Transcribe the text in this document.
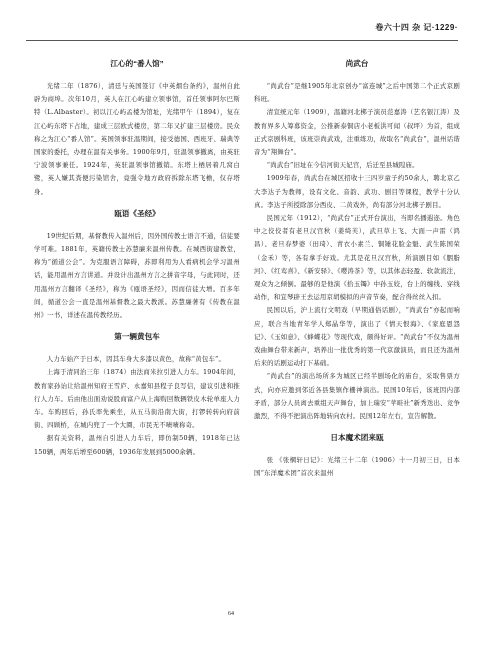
卷六十四 杂 记·1229·
江心的“番人馆”

光绪二年（1876），清廷与英国签订《中英烟台条约》，温州自此辟为商埠。次年10月，英人在江心屿建立领事馆，首任领事阿尔巴斯特（L.Albaster）。初以江心屿孟楼为馆址，光绪甲午（1894），复在江心屿东塔下占地，建成三层欧式楼房，第二年又扩建三层楼房。民众称之为江心“番人馆”。英国领事驻温期间，接受德国、西班牙、瑞典等国家的委托，办理在温有关事务。1900年9月，驻温领事撤离，由英驻宁波领事兼任。1924年，英驻温领事馆撤销。东塔上栖居着几窝白鹭，英人嫌其粪便污染馆舍，竟强令地方政府拆除东塔飞檐，仅存塔身。

瓯语《圣经》

19世纪后期，基督教传入温州后，因外国传教士语言不通，信徒要学可难。1881年，英籍传教士苏慧廉来温州传教。在城西街建教堂，称为“循道公会”。为克服语言障碍，苏即利用为人看病机会学习温州话，能用温州方言讲道。并设计出温州方言之拼音字母，与此同时，还用温州方言翻译《圣经》，称为《瓯语圣经》，因而信徒大增。百多年间，循道公会一直是温州基督教之最大教派。苏慧廉著有《传教在温州》一书，详述在温传教经历。

第一辆黄包车

人力车始产于日本，因其车身大多漆以黄色，故称“黄包车”。

上海于清同治三年（1874）由法商米拉引进人力车。1904年间，教育家孙诒让给温州知府王雪庐、永嘉知县程子良写信，建议引进和推行人力车。后由他出面劝说股商富户从上海购回数辆铁皮木轮单座人力车。车购回后，孙氏率先乘坐，从五马街沿南大街，打锣转转向府前街、四顾桥，在城内兜了一个大圈，市民无不啧啧称奇。

据有关资料，温州自引进人力车后，即仿制50辆，1918年已达150辆，两年后增至600辆，1936年发展到5000余辆。

尚武台

“尚武台”是继1905年北京创办“富连城”之后中国第二个正式京剧科班。

清宣统元年（1909），温籍河北梆子演员范嘉涛（艺名银江涛）及教育界多人筹募资金，公推新泰铜店小老板洪可闻（叔坪）为首，组成正式京剧科班，该班崇尚武戏，注重练功，故取名“尚武台”，温州话谐音为“翔舞台”。

“尚武台”旧址在今信河街天妃宫，后迁至县城隍庙。

1909年春，尚武台在城区招收十三四岁童子约50余人，聘北京乙大李达子为教师，设有文化、音韵、武功、剧目等课程，教学十分认真。李达子所授除部分西皮、二黄戏外，尚有部分河北梆子剧目。

民国元年（1912），“尚武台”正式开台演出，当即名播遐迩。角色中之佼佼者有老旦汉宫秋（姜绮芙），武旦草上飞、大面一声雷（鸿昌）、老旦春梦婆（田琦）、青衣小素兰、铜锤花脸金魁、武生陈国荣（金禾）等，各有拿手好戏。尤其是花旦汉宫秋，所演剧目如《胭脂河》、《红鸾喜》、《新安驿》、《嘤涛茶》等，以其体态轻盈、软款流注，观众为之倾倒。最够的是他演《拾玉镯》中孙玉姣，台上的缠线、穿线动作，和宜琴辟王去运用京胡模拟的声音节奏，配合得丝丝入扣。

民国以后，沪上流行文明戏（早期通俗话剧），“尚武台”亦起而响应，联合当地青年学人郑晶华等，演出了《情天恨海》、《家庭恩怨记》、《玉如意》、《蜂蝶花》等现代戏，颇得好评。“尚武台”不仅为温州戏曲舞台带来新声，培养出一批优秀的第一代京激演员，而且还为温州后来的话剧运动打下基础。

“尚武台”的演出场所多为城区已经半剧场化的庙台，采取售票方式，向亦应邀到邻近各县集镇作栅神演出。民国10年后，该班因内部矛盾，部分人员离去重组天声舞台，加上瑞安“苹畦社”新秀迭出、竞争激烈，不得不把演出阵地转向农村。民国12年左右，宣告解散。

日本魔术团来瓯

张 《张棡轩日记》：光绪三十二年（1906）十一月初三日，日本国“东洋魔术团”首次来温州

64
